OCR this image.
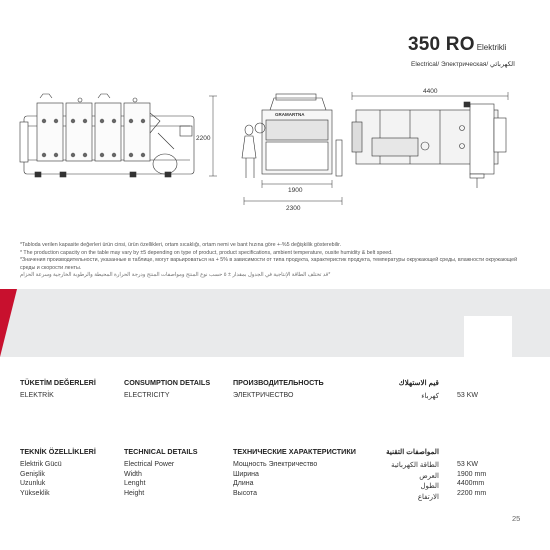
350 RO Elektrikli
Electrical/ Электрическая/ الكهربائي
2200
GRAMARTNA
1900
2300
4400
*Tabloda verilen kapasite değerleri ürün cinsi, ürün özellikleri, ortam sıcaklığı, ortam nemi ve bant hızına göre +-%5 değişkilik gösterebilir.
* The production capacity on the table may vary by ±5 depending on type of product, product specifications, ambient temperature, ousite humidity & belt speed.
*Значения производительности, указанные в таблице, могут варьироваться на + 5% в зависимости от типа продукта, характеристик продукта, температуры окружающей среды, влажности окружающей среды и скорости ленты.
*قد تختلف الطاقة الإنتاجية في الجدول بمقدار ± ٥ حسب نوع المنتج ومواصفات المنتج ودرجة الحرارة المحيطة والرطوبة الخارجية وسرعة الحزام
TÜKETİM DEĞERLERİ
ELEKTRİK
CONSUMPTION DETAILS
ELECTRICITY
ПРОИЗВОДИТЕЛЬНОСТЬ
ЭЛЕКТРИЧЕСТВО
قيم الاستهلاك
كهرباء	53 KW
TEKNİK ÖZELLİKLERİ
Elektrik Gücü
Genişlik
Uzunluk
Yükseklik
TECHNICAL DETAILS
Electrical Power
Width
Lenght
Height
ТЕХНИЧЕСКИЕ ХАРАКТЕРИСТИКИ
Мощность Электричество
Ширина
Длина
Высота
المواصفات التقنية
الطاقة الكهربائية
العرض
الطول
الارتفاع
53 KW
1900 mm
4400mm
2200 mm
25
